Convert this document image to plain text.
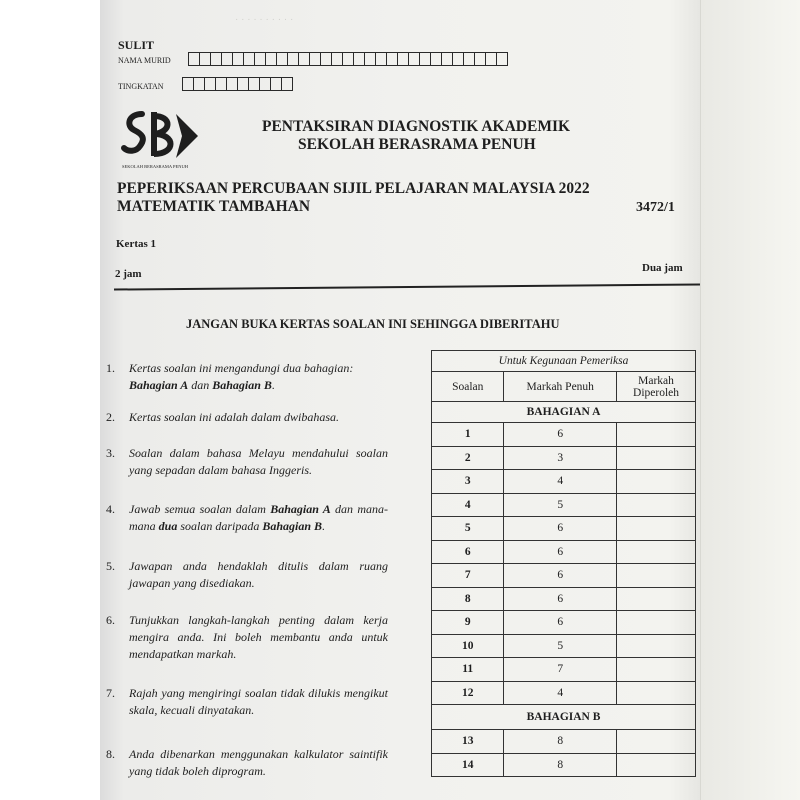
· · · · · · · · · ·
SULIT
NAMA MURID
TINGKATAN
SEKOLAH BERASRAMA PENUH
PENTAKSIRAN DIAGNOSTIK AKADEMIK
SEKOLAH BERASRAMA PENUH
PEPERIKSAAN PERCUBAAN SIJIL PELAJARAN MALAYSIA 2022
MATEMATIK TAMBAHAN	3472/1
Kertas 1
2 jam	Dua jam
JANGAN BUKA KERTAS SOALAN INI SEHINGGA DIBERITAHU
1. Kertas soalan ini mengandungi dua bahagian:
Bahagian A dan Bahagian B.
2. Kertas soalan ini adalah dalam dwibahasa.
3. Soalan dalam bahasa Melayu mendahului soalan yang sepadan dalam bahasa Inggeris.
4. Jawab semua soalan dalam Bahagian A dan mana-mana dua soalan daripada Bahagian B.
5. Jawapan anda hendaklah ditulis dalam ruang jawapan yang disediakan.
6. Tunjukkan langkah-langkah penting dalam kerja mengira anda. Ini boleh membantu anda untuk mendapatkan markah.
7. Rajah yang mengiringi soalan tidak dilukis mengikut skala, kecuali dinyatakan.
8. Anda dibenarkan menggunakan kalkulator saintifik yang tidak boleh diprogram.
Untuk Kegunaan Pemeriksa		
Soalan	Markah Penuh	Markah Diperoleh
BAHAGIAN A		
1	6	
2	3	
3	4	
4	5	
5	6	
6	6	
7	6	
8	6	
9	6	
10	5	
11	7	
12	4	
BAHAGIAN B		
13	8	
14	8	
